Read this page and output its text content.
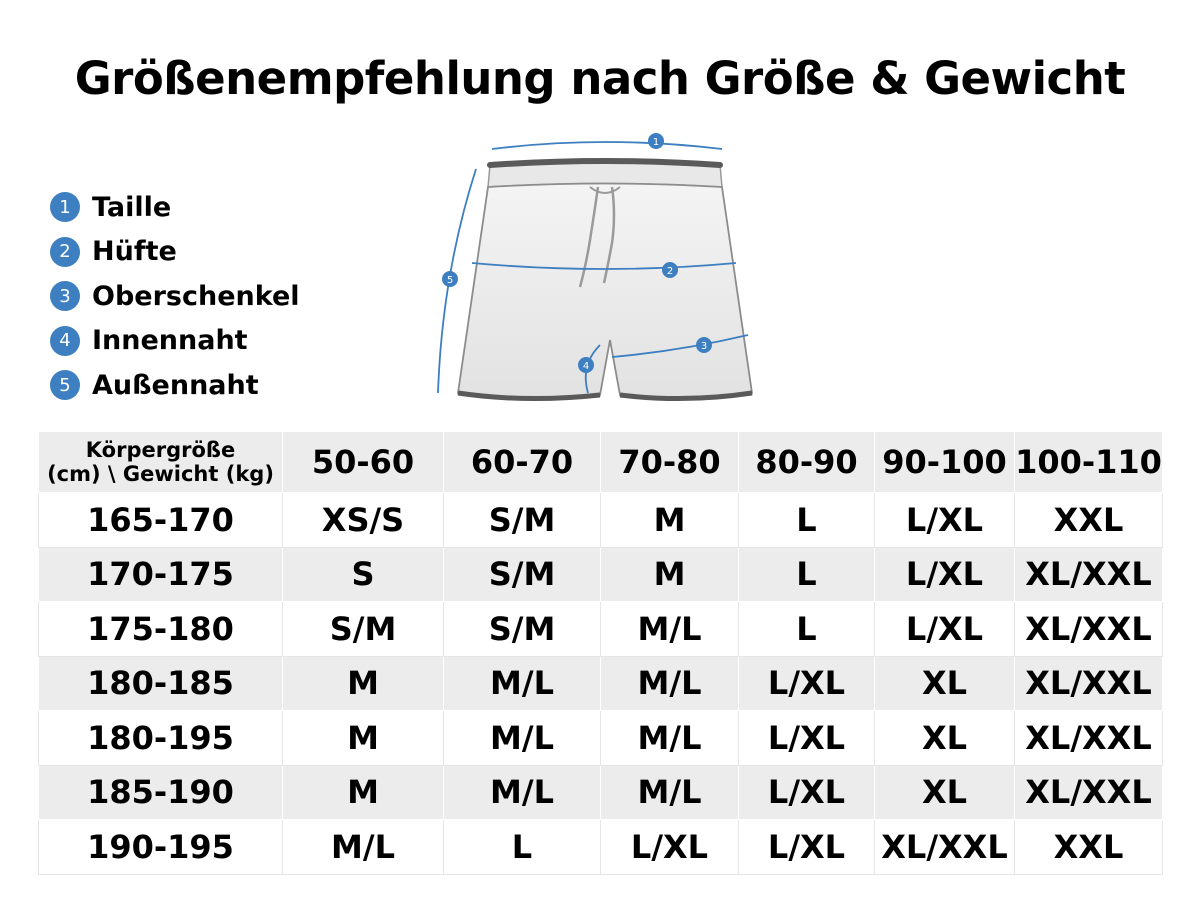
Größenempfehlung nach Größe & Gewicht
1 Taille
2 Hüfte
3 Oberschenkel
4 Innennaht
5 Außennaht
1
2
3
4
5
Körpergröße
(cm) \ Gewicht (kg)	50-60	60-70	70-80	80-90	90-100	100-110
165-170	XS/S	S/M	M	L	L/XL	XXL
170-175	S	S/M	M	L	L/XL	XL/XXL
175-180	S/M	S/M	M/L	L	L/XL	XL/XXL
180-185	M	M/L	M/L	L/XL	XL	XL/XXL
180-195	M	M/L	M/L	L/XL	XL	XL/XXL
185-190	M	M/L	M/L	L/XL	XL	XL/XXL
190-195	M/L	L	L/XL	L/XL	XL/XXL	XXL
